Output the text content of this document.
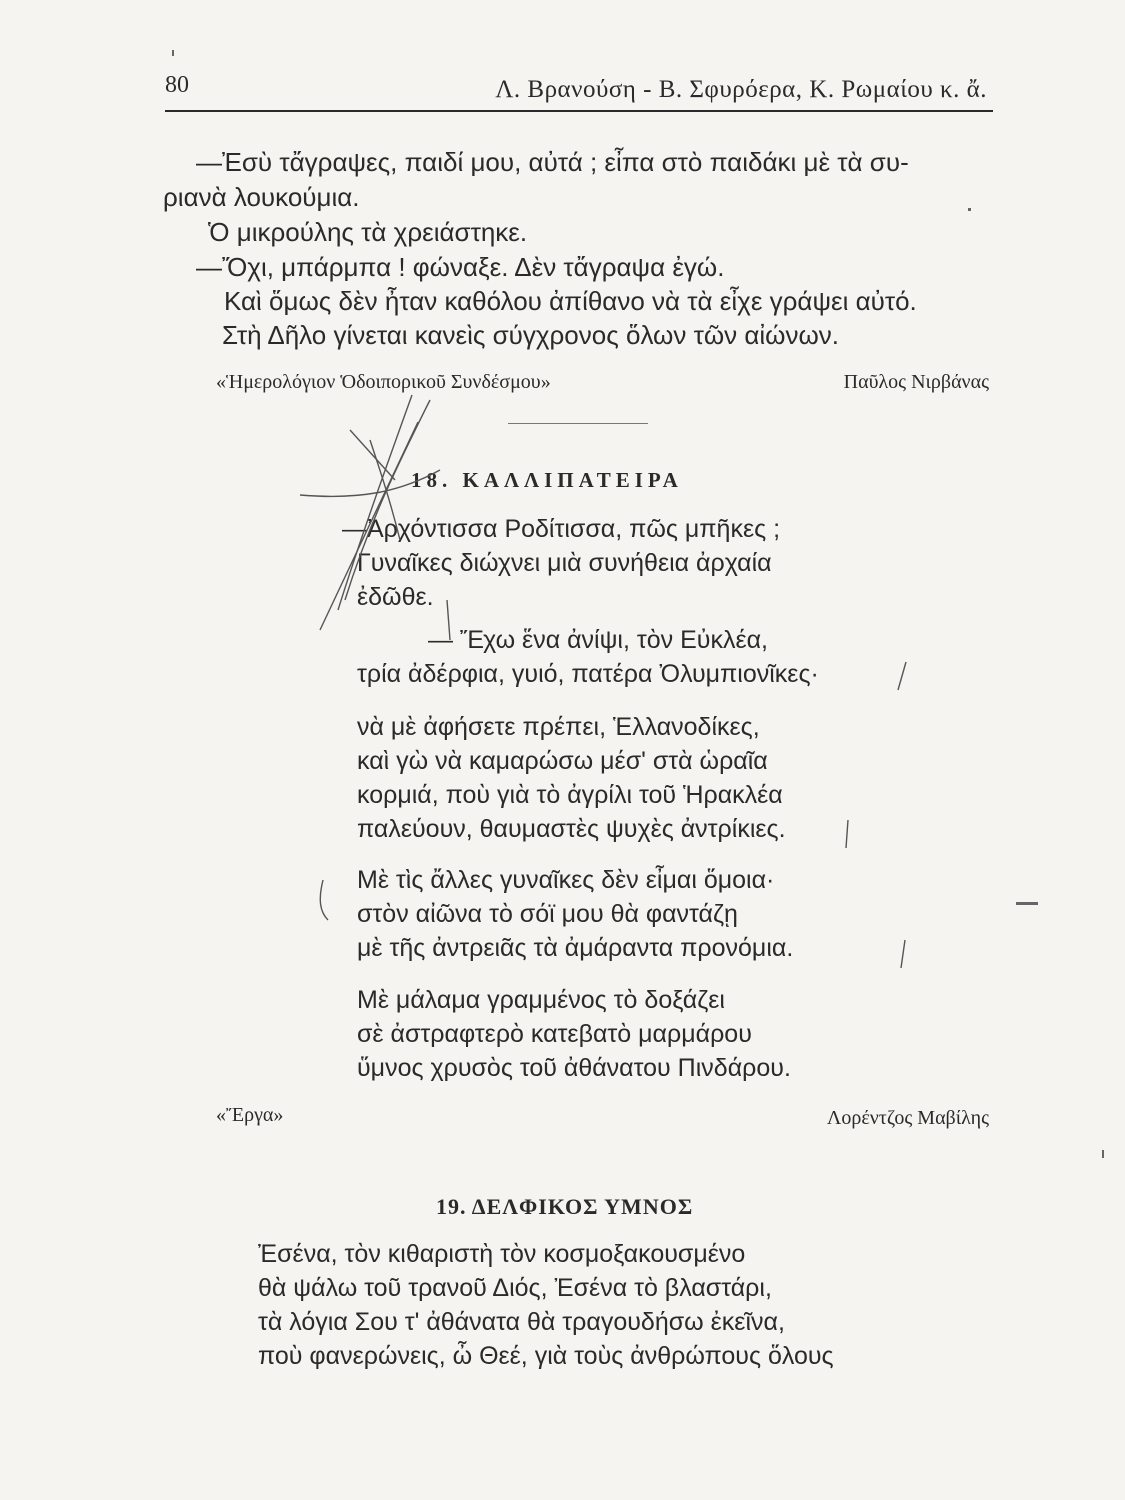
80	Λ. Βρανούση - Β. Σφυρόερα, Κ. Ρωμαίου κ. ἄ.
—Ἐσὺ τἄγραψες, παιδί μου, αὐτά ; εἶπα στὸ παιδάκι μὲ τὰ συ-
ριανὰ λουκούμια.
Ὁ μικρούλης τὰ χρειάστηκε.
—Ὄχι, μπάρμπα ! φώναξε. Δὲν τἄγραψα ἐγώ.
Καὶ ὅμως δὲν ἦταν καθόλου ἀπίθανο νὰ τὰ εἶχε γράψει αὐτό.
Στὴ Δῆλο γίνεται κανεὶς σύγχρονος ὅλων τῶν αἰώνων.
«Ἡμερολόγιον Ὁδοιπορικοῦ Συνδέσμου»	Παῦλος Νιρβάνας
18. ΚΑΛΛΙΠΑΤΕΙΡΑ
—Ἀρχόντισσα Ροδίτισσα, πῶς μπῆκες ;
Γυναῖκες διώχνει μιὰ συνήθεια ἀρχαία
ἐδῶθε.
— Ἔχω ἕνα ἀνίψι, τὸν Εὐκλέα,
τρία ἀδέρφια, γυιό, πατέρα Ὀλυμπιονῖκες·
νὰ μὲ ἀφήσετε πρέπει, Ἑλλανοδίκες,
καὶ γὼ νὰ καμαρώσω μέσ' στὰ ὡραῖα
κορμιά, ποὺ γιὰ τὸ ἀγρίλι τοῦ Ἡρακλέα
παλεύουν, θαυμαστὲς ψυχὲς ἀντρίκιες.
Μὲ τὶς ἄλλες γυναῖκες δὲν εἶμαι ὅμοια·
στὸν αἰῶνα τὸ σόϊ μου θὰ φαντάζῃ
μὲ τῆς ἀντρειᾶς τὰ ἀμάραντα προνόμια.
Μὲ μάλαμα γραμμένος τὸ δοξάζει
σὲ ἀστραφτερὸ κατεβατὸ μαρμάρου
ὕμνος χρυσὸς τοῦ ἀθάνατου Πινδάρου.
«Ἔργα»	Λορέντζος Μαβίλης
19. ΔΕΛΦΙΚΟΣ ΥΜΝΟΣ
Ἐσένα, τὸν κιθαριστὴ τὸν κοσμοξακουσμένο
θὰ ψάλω τοῦ τρανοῦ Διός, Ἐσένα τὸ βλαστάρι,
τὰ λόγια Σου τ' ἀθάνατα θὰ τραγουδήσω ἐκεῖνα,
ποὺ φανερώνεις, ὦ Θεέ, γιὰ τοὺς ἀνθρώπους ὅλους
